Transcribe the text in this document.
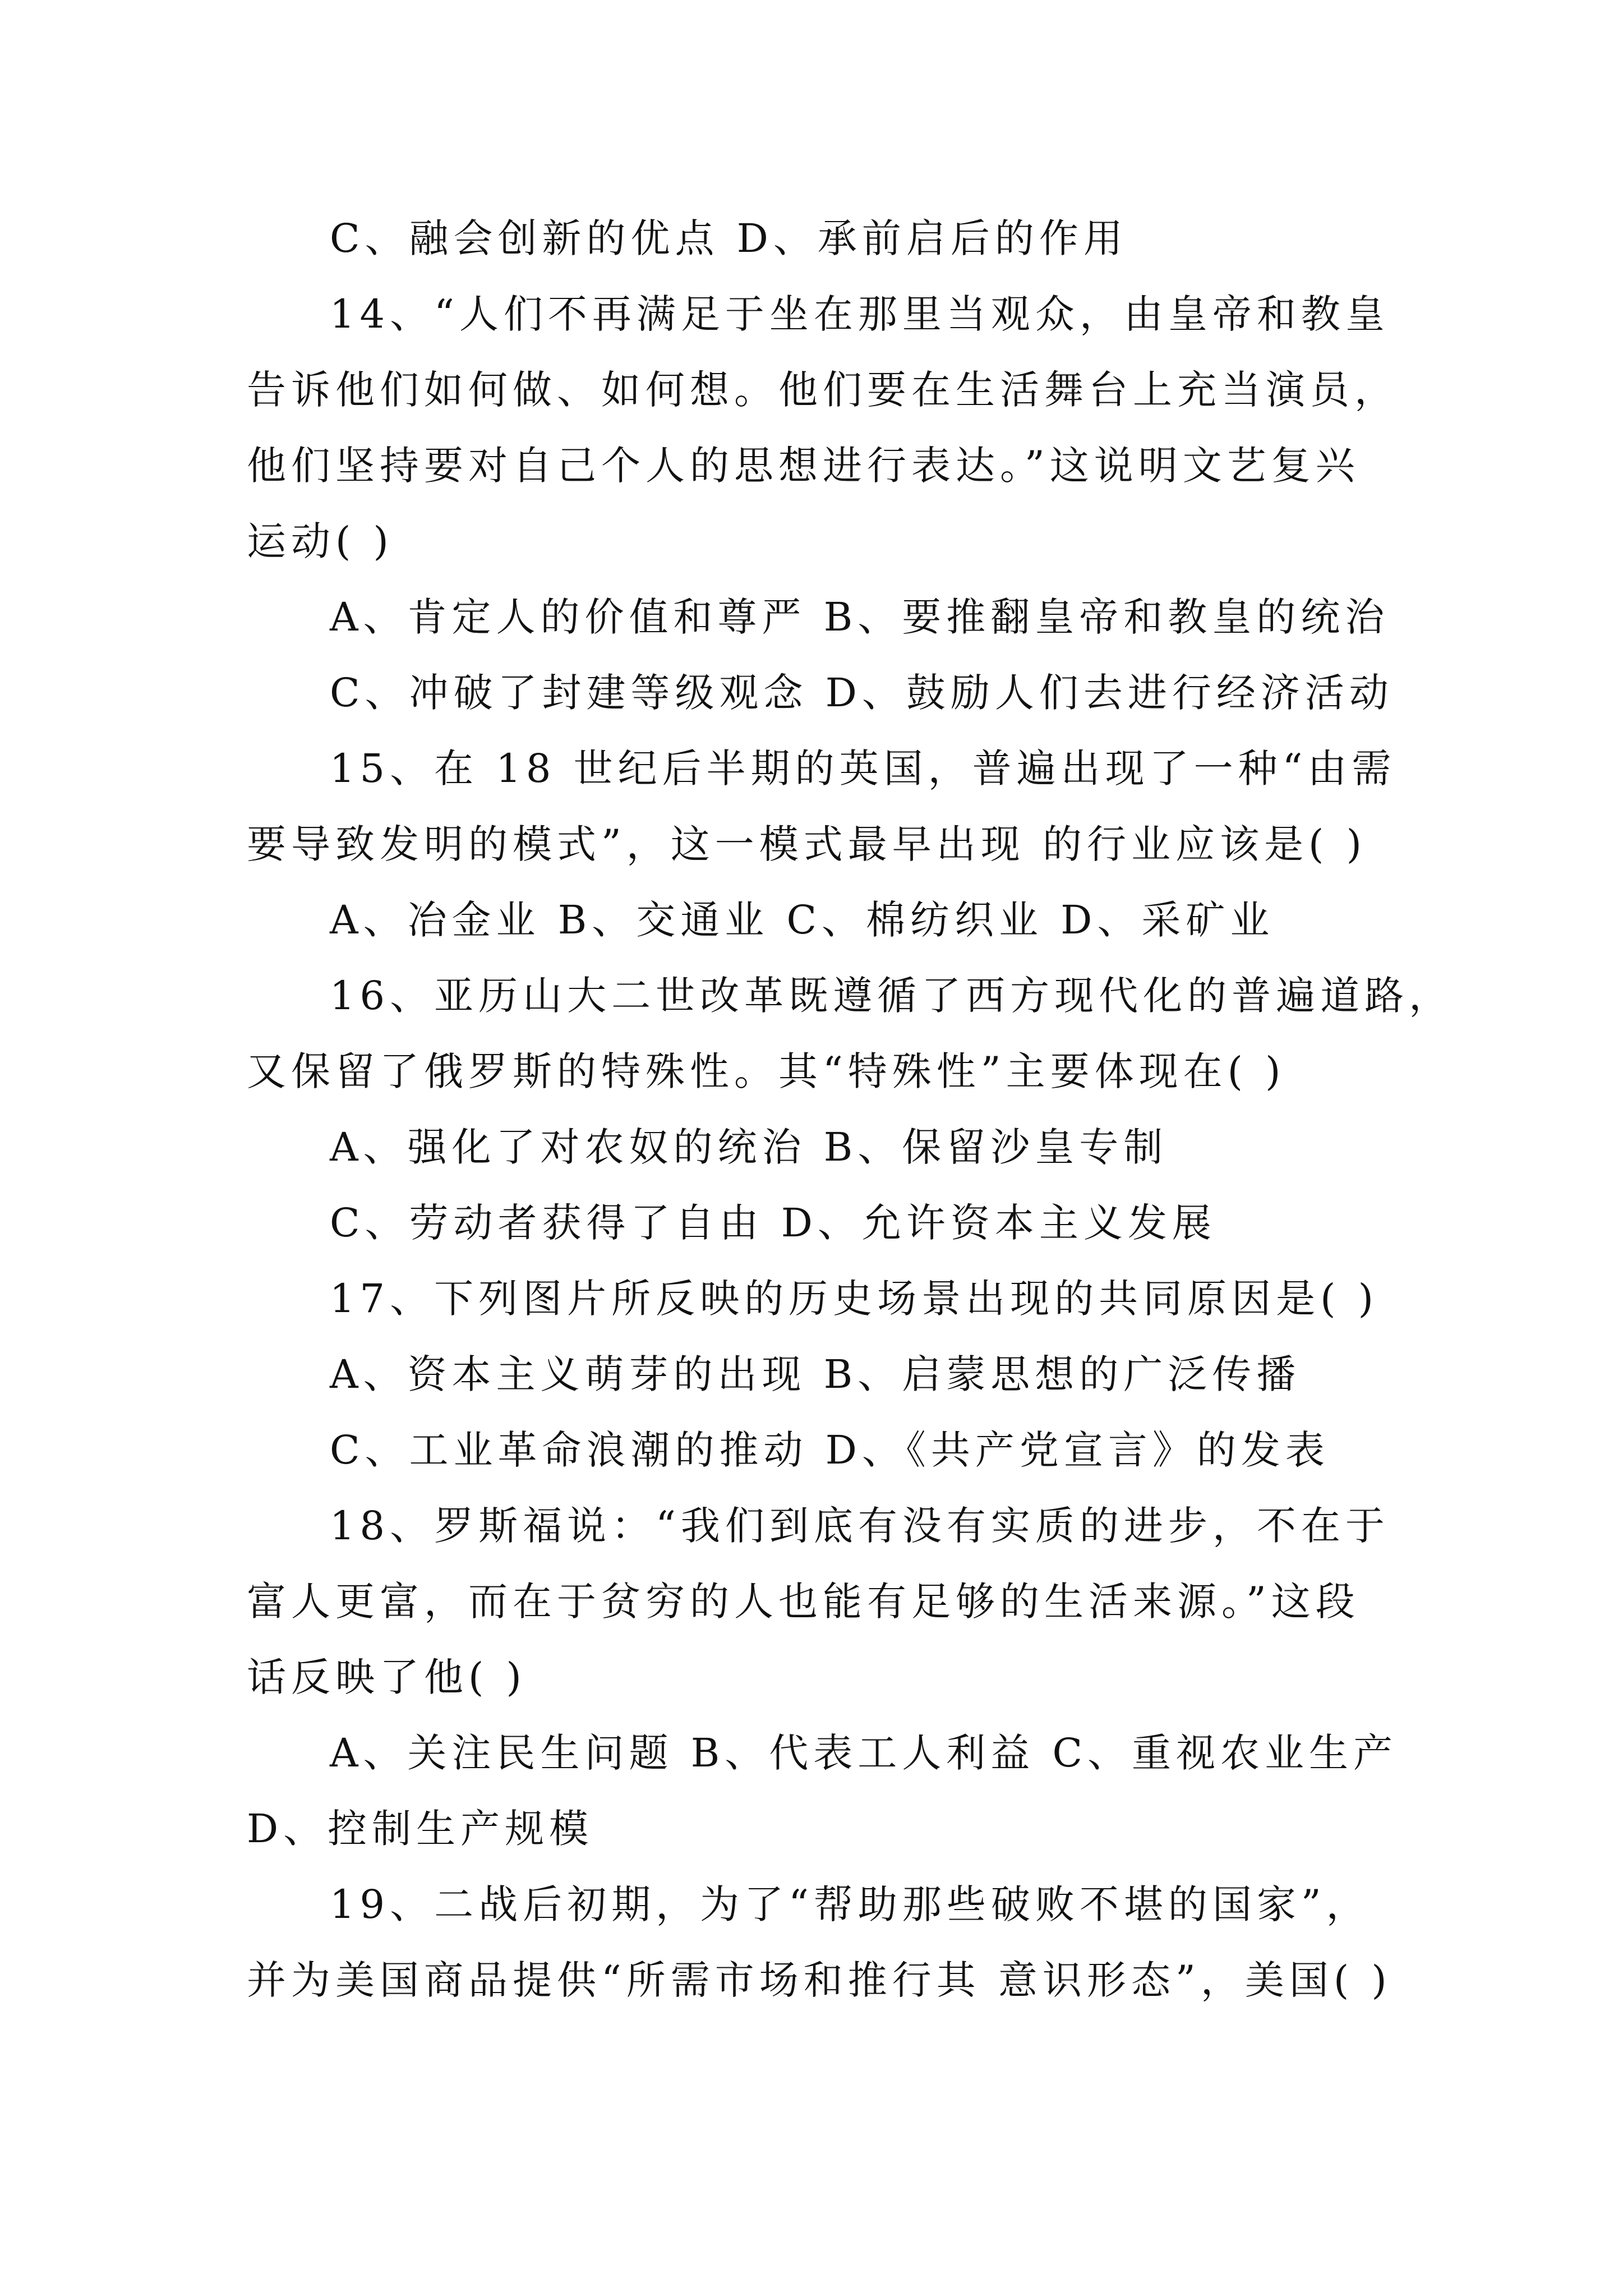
C、融会创新的优点 D、承前启后的作用
14、“人们不再满足于坐在那里当观众，由皇帝和教皇
告诉他们如何做、如何想。他们要在生活舞台上充当演员，
他们坚持要对自己个人的思想进行表达。”这说明文艺复兴
运动( )
A、肯定人的价值和尊严 B、要推翻皇帝和教皇的统治
C、冲破了封建等级观念 D、鼓励人们去进行经济活动
15、在 18 世纪后半期的英国，普遍出现了一种“由需
要导致发明的模式”，这一模式最早出现 的行业应该是( )
A、冶金业 B、交通业 C、棉纺织业 D、采矿业
16、亚历山大二世改革既遵循了西方现代化的普遍道路，
又保留了俄罗斯的特殊性。其“特殊性”主要体现在( )
A、强化了对农奴的统治 B、保留沙皇专制
C、劳动者获得了自由 D、允许资本主义发展
17、下列图片所反映的历史场景出现的共同原因是( )
A、资本主义萌芽的出现 B、启蒙思想的广泛传播
C、工业革命浪潮的推动 D、《共产党宣言》的发表
18、罗斯福说：“我们到底有没有实质的进步，不在于
富人更富，而在于贫穷的人也能有足够的生活来源。”这段
话反映了他( )
A、关注民生问题 B、代表工人利益 C、重视农业生产
D、控制生产规模
19、二战后初期，为了“帮助那些破败不堪的国家”，
并为美国商品提供“所需市场和推行其 意识形态”，美国( )
